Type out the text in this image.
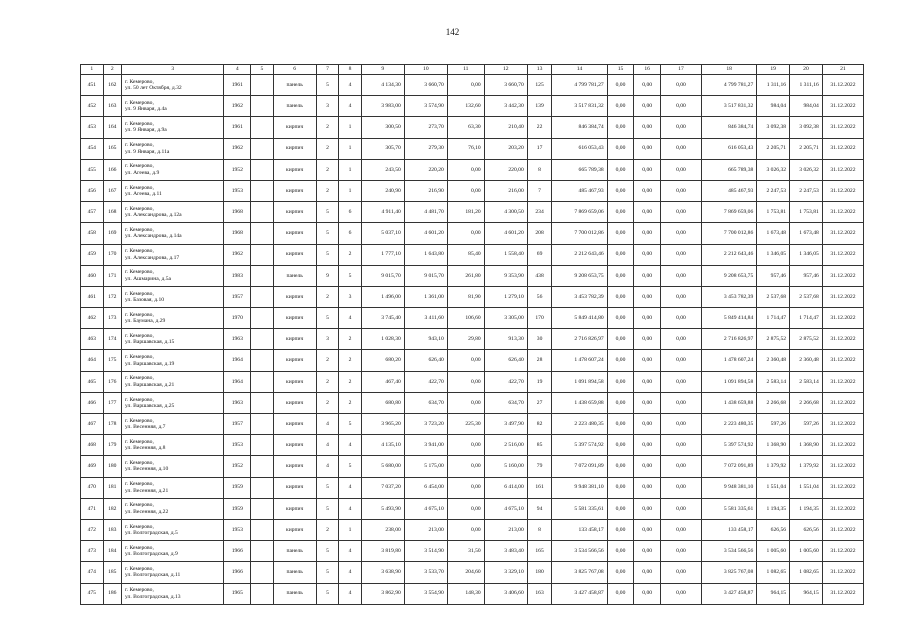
142
1	2	3	4	5	6	7	8	9	10	11	12	13	14	15	16	17	18	19	20	21
451	162	г. Кемерово,
ул. 50 лет Октября, д.32	1961		панель	5	4	4 134,30	3 660,70	0,00	3 660,70	125	4 799 781,27	0,00	0,00	0,00	4 799 781,27	1 311,16	1 311,16	31.12.2022
452	163	г. Кемерово,
ул. 9 Января, д.4а	1962		панель	3	4	3 983,00	3 574,90	132,60	3 442,30	139	3 517 831,32	0,00	0,00	0,00	3 517 831,32	984,04	984,04	31.12.2022
453	164	г. Кемерово,
ул. 9 Января, д.9а	1961		кирпич	2	1	300,50	273,70	63,30	210,40	22	846 384,74	0,00	0,00	0,00	846 384,74	3 092,38	3 092,38	31.12.2022
454	165	г. Кемерово,
ул. 9 Января, д.11а	1962		кирпич	2	1	305,70	279,30	76,10	203,20	17	616 053,43	0,00	0,00	0,00	616 053,43	2 205,71	2 205,71	31.12.2022
455	166	г. Кемерово,
ул. Агеева, д.9	1952		кирпич	2	1	243,50	220,20	0,00	220,00	8	665 789,38	0,00	0,00	0,00	665 789,38	3 026,32	3 026,32	31.12.2022
456	167	г. Кемерово,
ул. Агеева, д.11	1953		кирпич	2	1	240,90	216,90	0,00	216,00	7	485 467,93	0,00	0,00	0,00	485 467,93	2 247,53	2 247,53	31.12.2022
457	168	г. Кемерово,
ул. Александрова, д.12а	1968		кирпич	5	6	4 911,40	4 481,70	181,20	4 300,50	234	7 869 659,06	0,00	0,00	0,00	7 869 659,06	1 753,81	1 753,81	31.12.2022
458	169	г. Кемерово,
ул. Александрова, д.14а	1968		кирпич	5	6	5 037,10	4 601,20	0,00	4 601,20	208	7 700 012,86	0,00	0,00	0,00	7 700 012,86	1 673,48	1 673,48	31.12.2022
459	170	г. Кемерово,
ул. Александрова, д.17	1962		кирпич	5	2	1 777,10	1 643,80	85,40	1 558,40	69	2 212 643,46	0,00	0,00	0,00	2 212 643,46	1 346,05	1 346,05	31.12.2022
460	171	г. Кемерово,
ул. Ашмарина, д.5а	1983		панель	9	5	9 015,70	9 015,70	261,80	9 353,90	438	9 208 653,75	0,00	0,00	0,00	9 208 653,75	957,46	957,46	31.12.2022
461	172	г. Кемерово,
ул. Базовая, д.10	1957		кирпич	2	3	1 496,00	1 361,00	81,90	1 279,10	56	3 453 782,39	0,00	0,00	0,00	3 453 782,39	2 537,68	2 537,68	31.12.2022
462	173	г. Кемерово,
ул. Баумана, д.29	1970		кирпич	5	4	3 745,40	3 411,60	106,60	3 305,00	170	5 849 414,80	0,00	0,00	0,00	5 849 414,84	1 714,47	1 714,47	31.12.2022
463	174	г. Кемерово,
ул. Варшавская, д.15	1963		кирпич	3	2	1 028,30	943,10	29,80	913,30	30	2 716 826,97	0,00	0,00	0,00	2 716 826,97	2 875,52	2 875,52	31.12.2022
464	175	г. Кемерово,
ул. Варшавская, д.19	1964		кирпич	2	2	680,20	626,40	0,00	626,40	28	1 478 607,24	0,00	0,00	0,00	1 478 607,24	2 360,48	2 360,48	31.12.2022
465	176	г. Кемерово,
ул. Варшавская, д.21	1964		кирпич	2	2	467,40	422,70	0,00	422,70	19	1 091 894,58	0,00	0,00	0,00	1 091 894,58	2 583,14	2 583,14	31.12.2022
466	177	г. Кемерово,
ул. Варшавская, д.25	1963		кирпич	2	2	680,80	634,70	0,00	634,70	27	1 438 659,88	0,00	0,00	0,00	1 438 659,88	2 266,68	2 266,68	31.12.2022
467	178	г. Кемерово,
ул. Весенняя, д.7	1957		кирпич	4	5	3 965,20	3 723,20	225,30	3 497,90	82	2 223 480,35	0,00	0,00	0,00	2 223 480,35	597,26	597,26	31.12.2022
468	179	г. Кемерово,
ул. Весенняя, д.8	1953		кирпич	4	4	4 135,10	3 941,00	0,00	2 516,00	85	5 397 574,92	0,00	0,00	0,00	5 397 574,92	1 368,90	1 368,90	31.12.2022
469	180	г. Кемерово,
ул. Весенняя, д.10	1952		кирпич	4	5	5 680,00	5 175,00	0,00	5 160,00	79	7 072 091,89	0,00	0,00	0,00	7 072 091,89	1 379,92	1 379,92	31.12.2022
470	181	г. Кемерово,
ул. Весенняя, д.21	1959		кирпич	5	4	7 037,20	6 454,00	0,00	6 414,00	161	9 948 381,10	0,00	0,00	0,00	9 948 381,10	1 551,04	1 551,04	31.12.2022
471	182	г. Кемерово,
ул. Весенняя, д.22	1959		кирпич	5	4	5 493,90	4 675,10	0,00	4 675,10	94	5 581 335,61	0,00	0,00	0,00	5 581 335,61	1 194,35	1 194,35	31.12.2022
472	183	г. Кемерово,
ул. Волгоградская, д.5	1953		кирпич	2	1	238,00	213,00	0,00	213,00	8	133 458,17	0,00	0,00	0,00	133 458,17	626,56	626,56	31.12.2022
473	184	г. Кемерово,
ул. Волгоградская, д.9	1966		панель	5	4	3 819,80	3 514,90	31,50	3 483,40	165	3 534 566,56	0,00	0,00	0,00	3 534 566,56	1 005,60	1 005,60	31.12.2022
474	185	г. Кемерово,
ул. Волгоградская, д.11	1966		панель	5	4	3 638,90	3 533,70	204,60	3 329,10	180	3 825 767,08	0,00	0,00	0,00	3 825 767,08	1 082,65	1 082,65	31.12.2022
475	186	г. Кемерово,
ул. Волгоградская, д.13	1965		панель	5	4	3 862,90	3 554,90	148,30	3 406,60	163	3 427 458,87	0,00	0,00	0,00	3 427 458,87	964,15	964,15	31.12.2022
